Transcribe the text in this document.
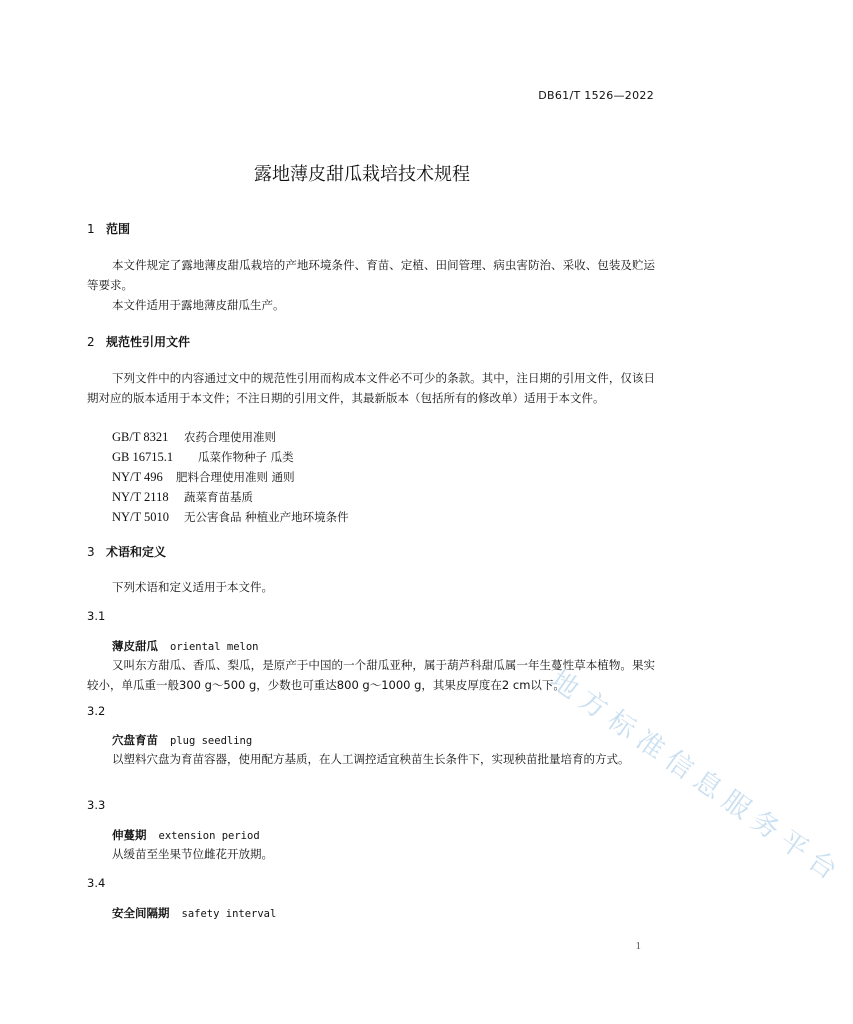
DB61/T 1526—2022
露地薄皮甜瓜栽培技术规程
1 范围

本文件规定了露地薄皮甜瓜栽培的产地环境条件、育苗、定植、田间管理、病虫害防治、采收、包装及贮运等要求。

本文件适用于露地薄皮甜瓜生产。

2 规范性引用文件

下列文件中的内容通过文中的规范性引用而构成本文件必不可少的条款。其中，注日期的引用文件，仅该日期对应的版本适用于本文件；不注日期的引用文件，其最新版本（包括所有的修改单）适用于本文件。

GB/T 8321 农药合理使用准则
GB 16715.1 瓜菜作物种子 瓜类
NY/T 496 肥料合理使用准则 通则
NY/T 2118 蔬菜育苗基质
NY/T 5010 无公害食品 种植业产地环境条件
3 术语和定义

下列术语和定义适用于本文件。

3.1
薄皮甜瓜 oriental melon

又叫东方甜瓜、香瓜、梨瓜，是原产于中国的一个甜瓜亚种，属于葫芦科甜瓜属一年生蔓性草本植物。果实较小，单瓜重一般300 g～500 g，少数也可重达800 g～1000 g，其果皮厚度在2 cm以下。

3.2
穴盘育苗 plug seedling

以塑料穴盘为育苗容器，使用配方基质，在人工调控适宜秧苗生长条件下，实现秧苗批量培育的方式。

3.3
伸蔓期 extension period

从缓苗至坐果节位雌花开放期。

3.4
安全间隔期 safety interval
地方标准信息服务平台
1
